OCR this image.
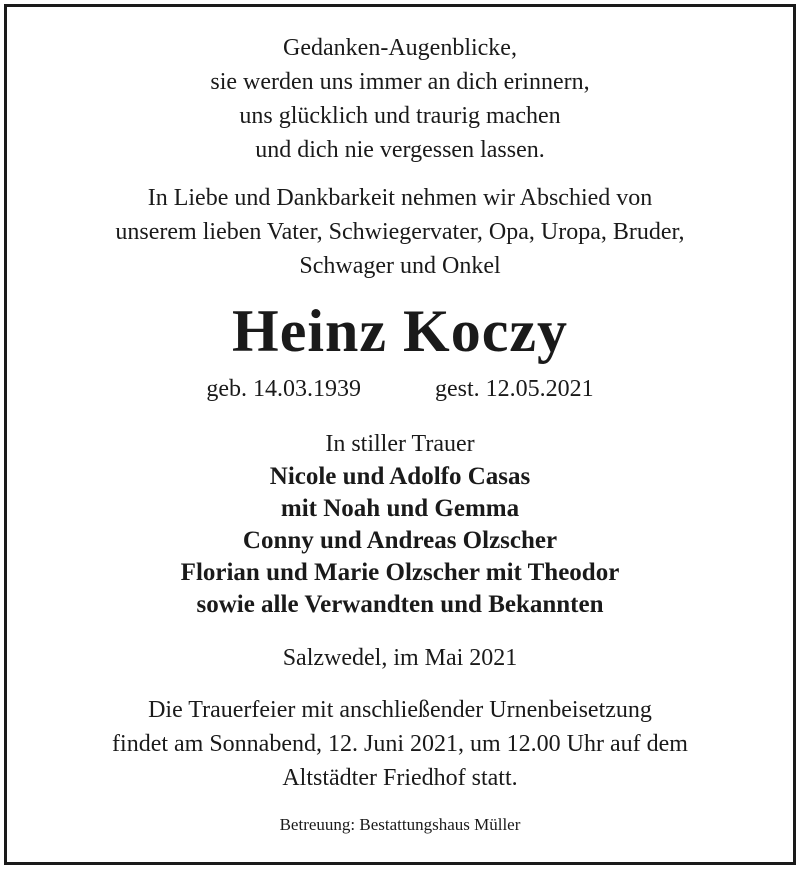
Gedanken-Augenblicke,
sie werden uns immer an dich erinnern,
uns glücklich und traurig machen
und dich nie vergessen lassen.
In Liebe und Dankbarkeit nehmen wir Abschied von
unserem lieben Vater, Schwiegervater, Opa, Uropa, Bruder,
Schwager und Onkel
Heinz Koczy
geb. 14.03.1939	gest. 12.05.2021
In stiller Trauer
Nicole und Adolfo Casas
mit Noah und Gemma
Conny und Andreas Olzscher
Florian und Marie Olzscher mit Theodor
sowie alle Verwandten und Bekannten
Salzwedel, im Mai 2021
Die Trauerfeier mit anschließender Urnenbeisetzung
findet am Sonnabend, 12. Juni 2021, um 12.00 Uhr auf dem
Altstädter Friedhof statt.
Betreuung: Bestattungshaus Müller
